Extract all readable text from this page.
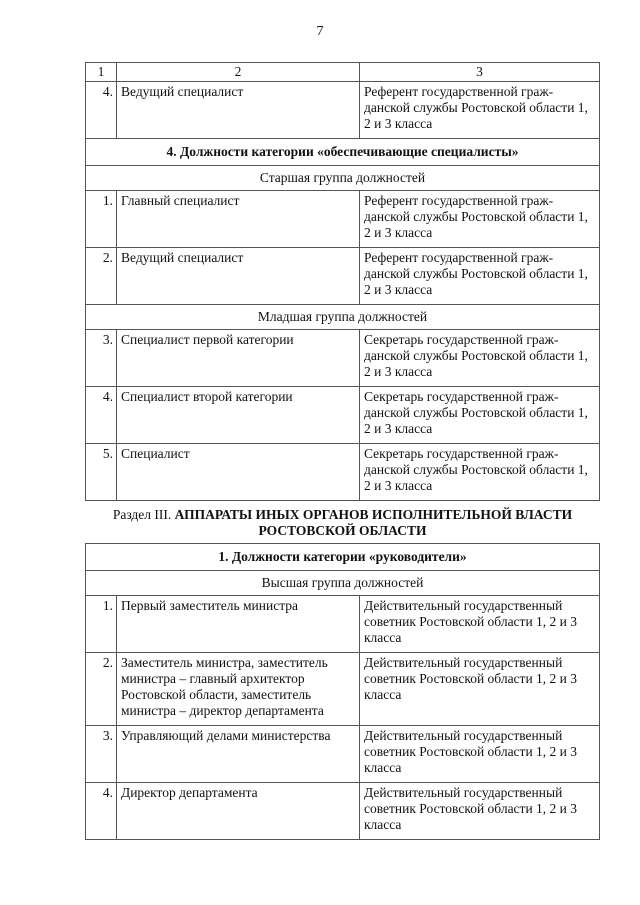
7
1	2	3
4.	Ведущий специалист	Референт государственной граж-данской службы Ростовской области 1, 2 и 3 класса
4. Должности категории «обеспечивающие специалисты»		
Старшая группа должностей		
1.	Главный специалист	Референт государственной граж-данской службы Ростовской области 1, 2 и 3 класса
2.	Ведущий специалист	Референт государственной граж-данской службы Ростовской области 1, 2 и 3 класса
Младшая группа должностей		
3.	Специалист первой категории	Секретарь государственной граж-данской службы Ростовской области 1, 2 и 3 класса
4.	Специалист второй категории	Секретарь государственной граж-данской службы Ростовской области 1, 2 и 3 класса
5.	Специалист	Секретарь государственной граж-данской службы Ростовской области 1, 2 и 3 класса
Раздел III. АППАРАТЫ ИНЫХ ОРГАНОВ ИСПОЛНИТЕЛЬНОЙ ВЛАСТИ РОСТОВСКОЙ ОБЛАСТИ		
1. Должности категории «руководители»		
Высшая группа должностей		
1.	Первый заместитель министра	Действительный государственный советник Ростовской области 1, 2 и 3 класса
2.	Заместитель министра, заместитель министра – главный архитектор Ростовской области, заместитель министра – директор департамента	Действительный государственный советник Ростовской области 1, 2 и 3 класса
3.	Управляющий делами министерства	Действительный государственный советник Ростовской области 1, 2 и 3 класса
4.	Директор департамента	Действительный государственный советник Ростовской области 1, 2 и 3 класса
